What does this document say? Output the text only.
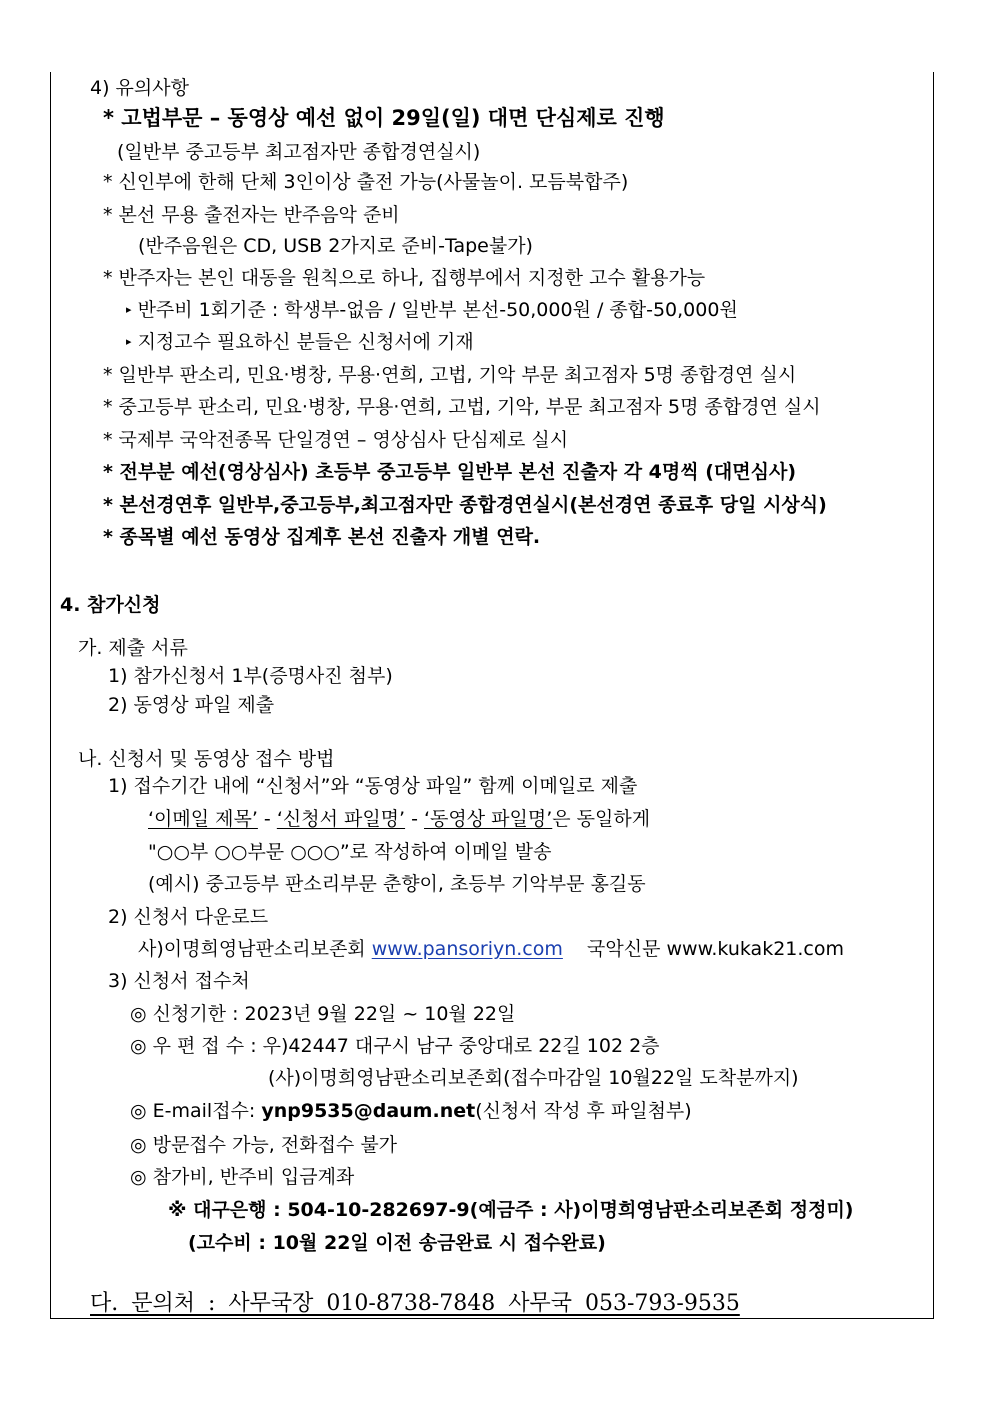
4) 유의사항
* 고법부문 – 동영상 예선 없이 29일(일) 대면 단심제로 진행
(일반부 중고등부 최고점자만 종합경연실시)
* 신인부에 한해 단체 3인이상 출전 가능(사물놀이. 모듬북합주)
* 본선 무용 출전자는 반주음악 준비
(반주음원은 CD, USB 2가지로 준비-Tape불가)
* 반주자는 본인 대동을 원칙으로 하나, 집행부에서 지정한 고수 활용가능
▸ 반주비 1회기준 : 학생부-없음 / 일반부 본선-50,000원 / 종합-50,000원
▸ 지정고수 필요하신 분들은 신청서에 기재
* 일반부 판소리, 민요·병창, 무용·연희, 고법, 기악 부문 최고점자 5명 종합경연 실시
* 중고등부 판소리, 민요·병창, 무용·연희, 고법, 기악, 부문 최고점자 5명 종합경연 실시
* 국제부 국악전종목 단일경연 – 영상심사 단심제로 실시
* 전부분 예선(영상심사) 초등부 중고등부 일반부 본선 진출자 각 4명씩 (대면심사)
* 본선경연후 일반부,중고등부,최고점자만 종합경연실시(본선경연 종료후 당일 시상식)
* 종목별 예선 동영상 집계후 본선 진출자 개별 연락.
4. 참가신청
가. 제출 서류
1) 참가신청서 1부(증명사진 첨부)
2) 동영상 파일 제출
나. 신청서 및 동영상 접수 방법
1) 접수기간 내에 “신청서”와 “동영상 파일” 함께 이메일로 제출
‘이메일 제목’ - ‘신청서 파일명’ - ‘동영상 파일명’은 동일하게
"○○부 ○○부문 ○○○”로 작성하여 이메일 발송
(예시) 중고등부 판소리부문 춘향이, 초등부 기악부문 홍길동
2) 신청서 다운로드
사)이명희영남판소리보존회 www.pansoriyn.com    국악신문 www.kukak21.com
3) 신청서 접수처
◎ 신청기한 : 2023년 9월 22일 ~ 10월 22일
◎ 우 편 접 수 : 우)42447 대구시 남구 중앙대로 22길 102 2층
(사)이명희영남판소리보존회(접수마감일 10월22일 도착분까지)
◎ E-mail접수: ynp9535@daum.net(신청서 작성 후 파일첨부)
◎ 방문접수 가능, 전화접수 불가
◎ 참가비, 반주비 입금계좌
※ 대구은행 : 504-10-282697-9(예금주 : 사)이명희영남판소리보존회 정정미)
(고수비 : 10월 22일 이전 송금완료 시 접수완료)
다. 문의처 : 사무국장 010-8738-7848 사무국 053-793-9535
